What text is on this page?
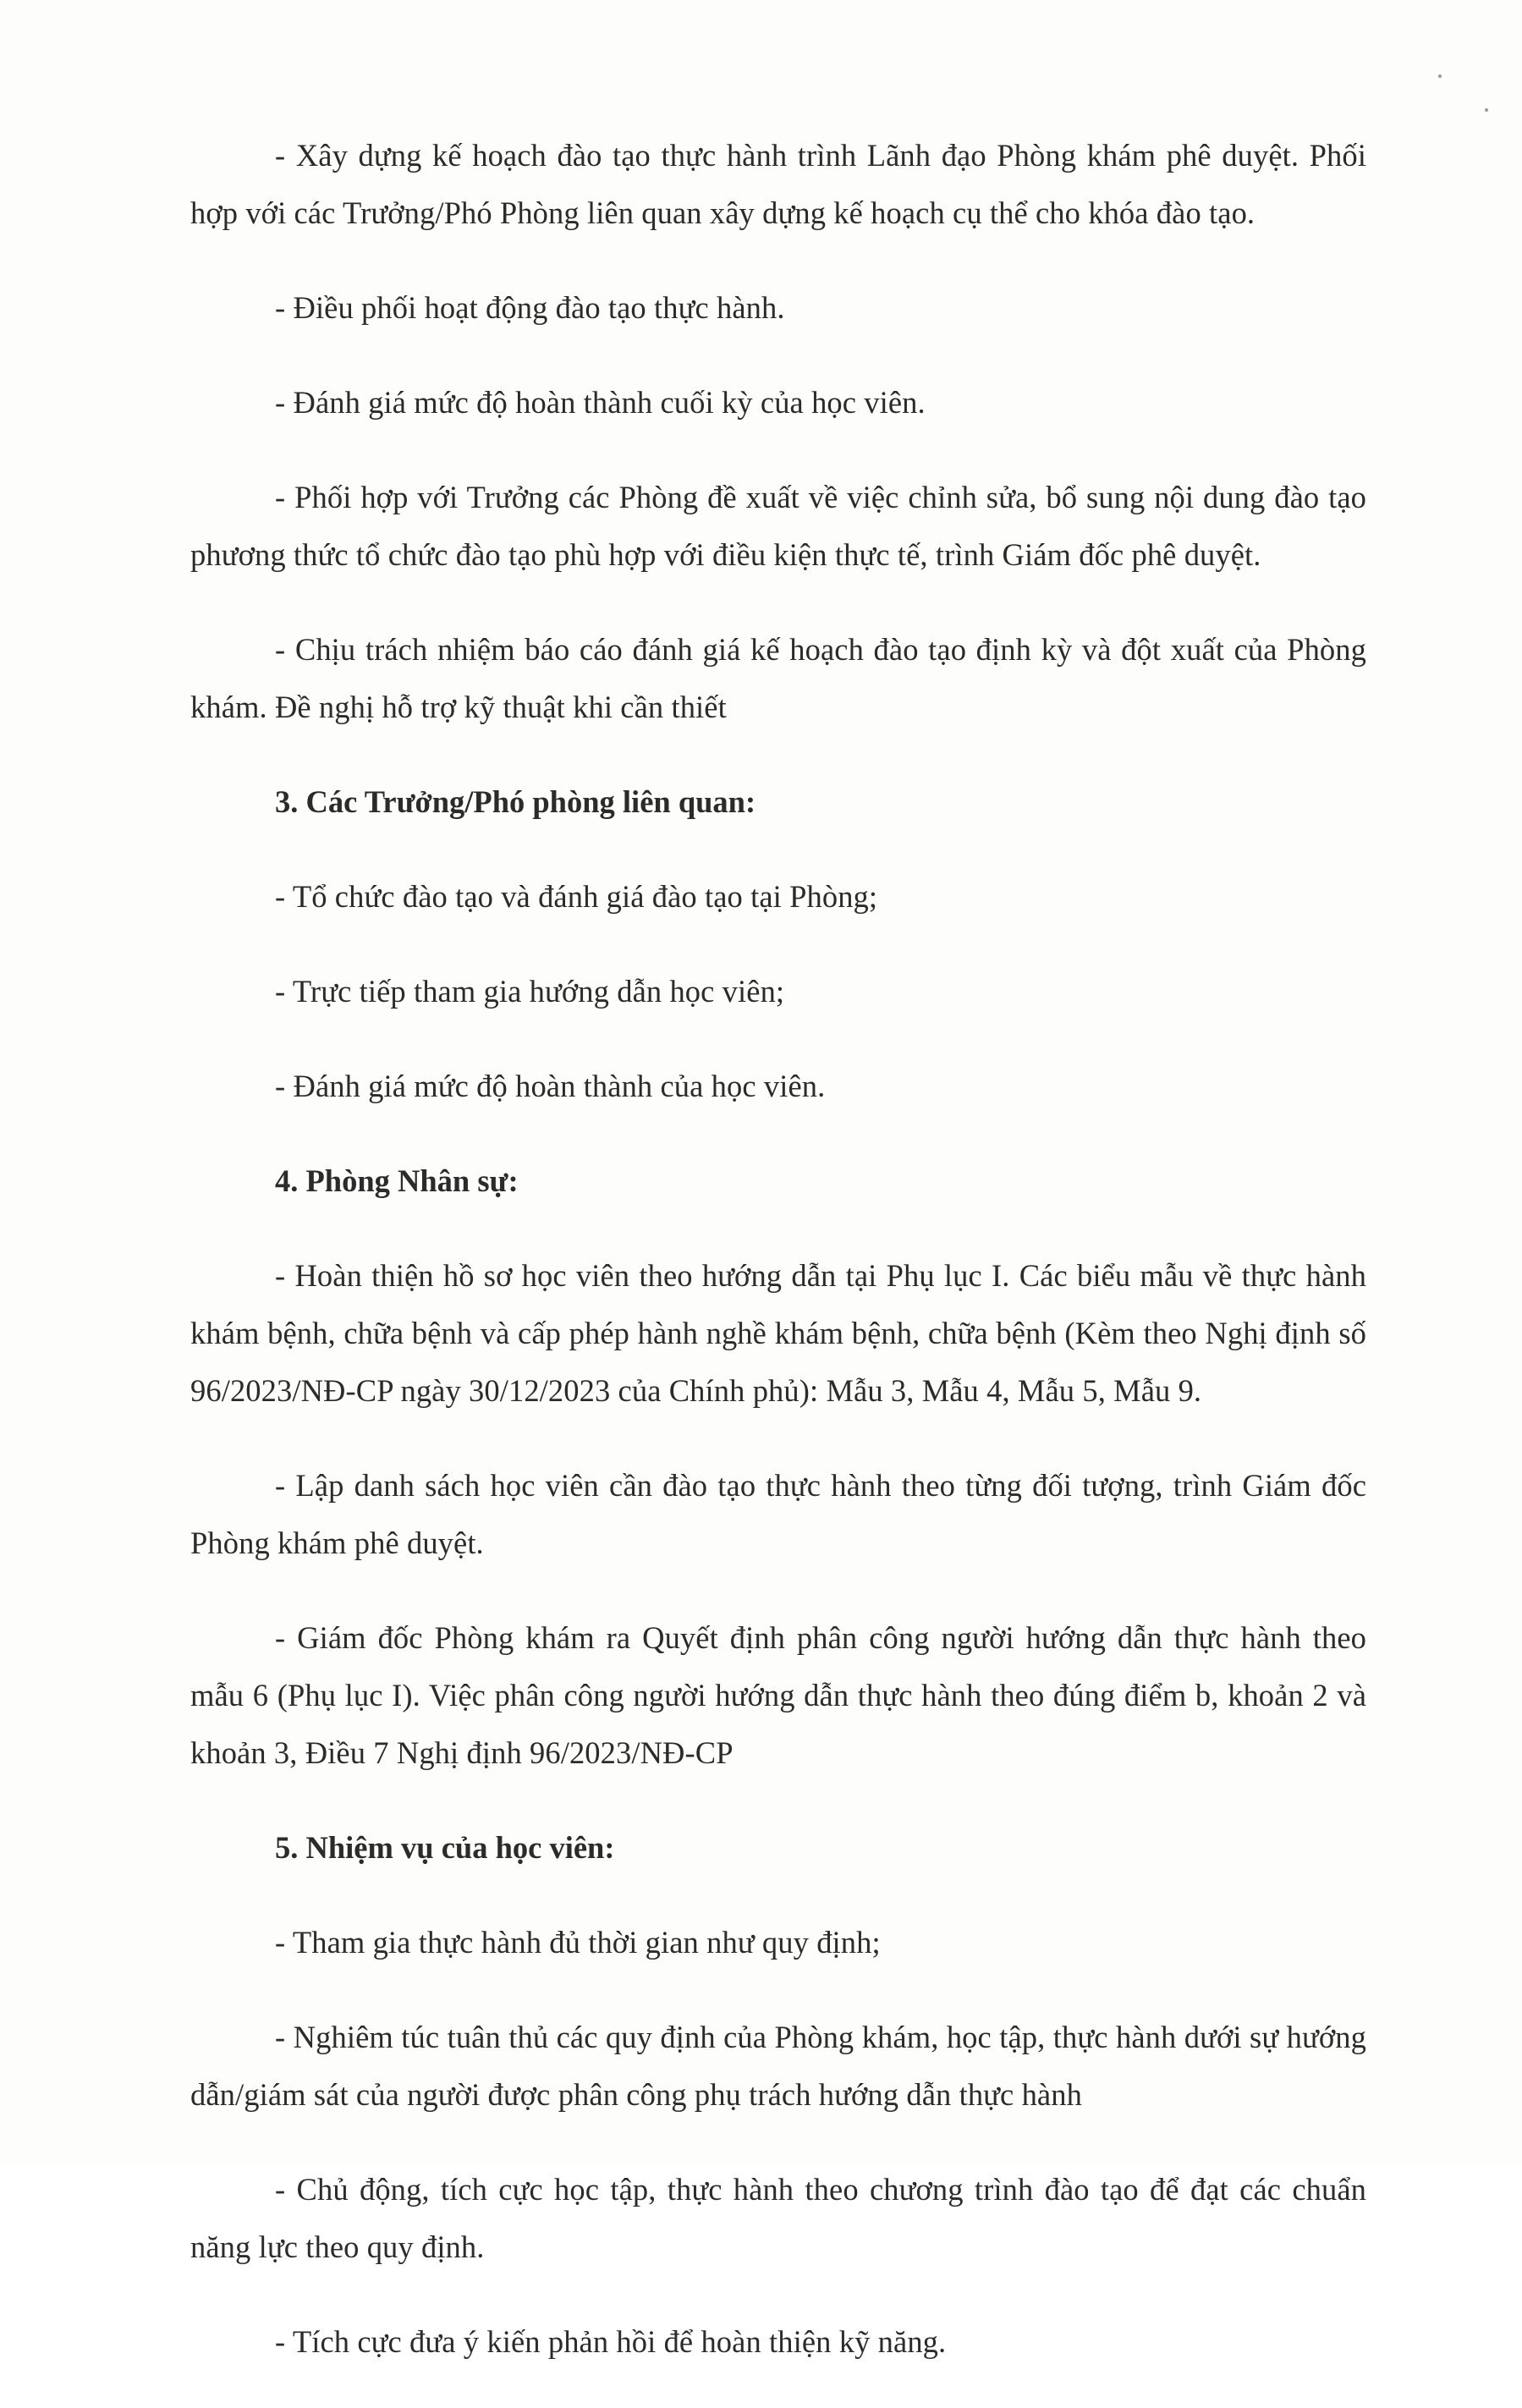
- Xây dựng kế hoạch đào tạo thực hành trình Lãnh đạo Phòng khám phê duyệt. Phối hợp với các Trưởng/Phó Phòng liên quan xây dựng kế hoạch cụ thể cho khóa đào tạo.

- Điều phối hoạt động đào tạo thực hành.

- Đánh giá mức độ hoàn thành cuối kỳ của học viên.

- Phối hợp với Trưởng các Phòng đề xuất về việc chỉnh sửa, bổ sung nội dung đào tạo phương thức tổ chức đào tạo phù hợp với điều kiện thực tế, trình Giám đốc phê duyệt.

- Chịu trách nhiệm báo cáo đánh giá kế hoạch đào tạo định kỳ và đột xuất của Phòng khám. Đề nghị hỗ trợ kỹ thuật khi cần thiết

3. Các Trưởng/Phó phòng liên quan:

- Tổ chức đào tạo và đánh giá đào tạo tại Phòng;

- Trực tiếp tham gia hướng dẫn học viên;

- Đánh giá mức độ hoàn thành của học viên.

4. Phòng Nhân sự:

- Hoàn thiện hồ sơ học viên theo hướng dẫn tại Phụ lục I. Các biểu mẫu về thực hành khám bệnh, chữa bệnh và cấp phép hành nghề khám bệnh, chữa bệnh (Kèm theo Nghị định số 96/2023/NĐ-CP ngày 30/12/2023 của Chính phủ): Mẫu 3, Mẫu 4, Mẫu 5, Mẫu 9.

- Lập danh sách học viên cần đào tạo thực hành theo từng đối tượng, trình Giám đốc Phòng khám phê duyệt.

- Giám đốc Phòng khám ra Quyết định phân công người hướng dẫn thực hành theo mẫu 6 (Phụ lục I). Việc phân công người hướng dẫn thực hành theo đúng điểm b, khoản 2 và khoản 3, Điều 7 Nghị định 96/2023/NĐ-CP

5. Nhiệm vụ của học viên:

- Tham gia thực hành đủ thời gian như quy định;

- Nghiêm túc tuân thủ các quy định của Phòng khám, học tập, thực hành dưới sự hướng dẫn/giám sát của người được phân công phụ trách hướng dẫn thực hành

- Chủ động, tích cực học tập, thực hành theo chương trình đào tạo để đạt các chuẩn năng lực theo quy định.

- Tích cực đưa ý kiến phản hồi để hoàn thiện kỹ năng.
